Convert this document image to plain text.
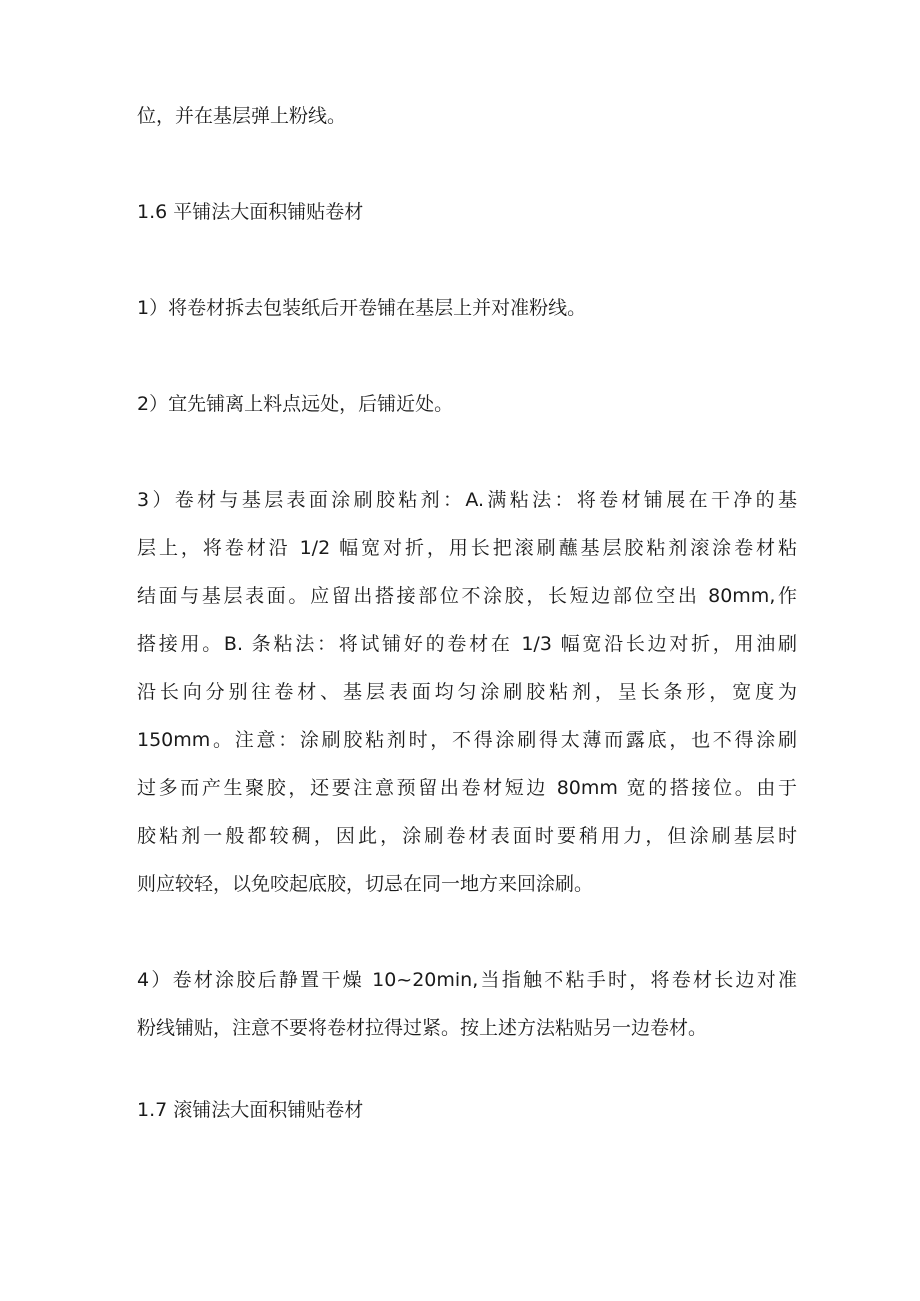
位，并在基层弹上粉线。
1.6 平铺法大面积铺贴卷材
1）将卷材拆去包装纸后开卷铺在基层上并对准粉线。
2）宜先铺离上料点远处，后铺近处。
3）卷材与基层表面涂刷胶粘剂：A.满粘法：将卷材铺展在干净的基
层上，将卷材沿 1/2 幅宽对折，用长把滚刷蘸基层胶粘剂滚涂卷材粘
结面与基层表面。应留出搭接部位不涂胶，长短边部位空出 80mm,作
搭接用。B. 条粘法：将试铺好的卷材在 1/3 幅宽沿长边对折，用油刷
沿长向分别往卷材、基层表面均匀涂刷胶粘剂，呈长条形，宽度为
150mm。注意：涂刷胶粘剂时，不得涂刷得太薄而露底，也不得涂刷
过多而产生聚胶，还要注意预留出卷材短边 80mm 宽的搭接位。由于
胶粘剂一般都较稠，因此，涂刷卷材表面时要稍用力，但涂刷基层时
则应较轻，以免咬起底胶，切忌在同一地方来回涂刷。
4）卷材涂胶后静置干燥 10~20min,当指触不粘手时，将卷材长边对准
粉线铺贴，注意不要将卷材拉得过紧。按上述方法粘贴另一边卷材。
1.7 滚铺法大面积铺贴卷材
